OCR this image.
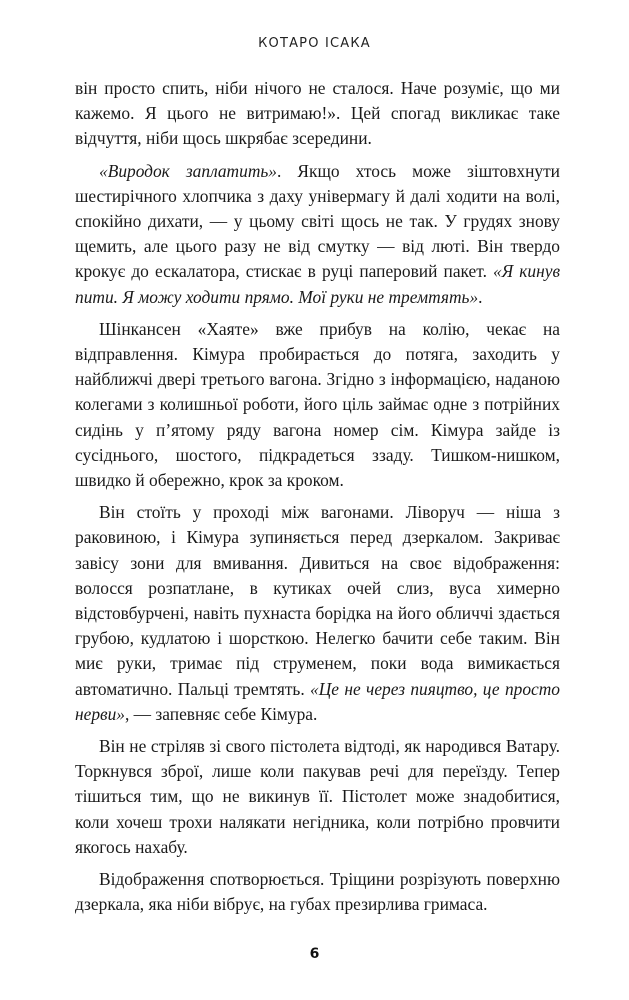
КОТАРО ІСАКА

він просто спить, ніби нічого не сталося. Наче розуміє, що ми кажемо. Я цього не витримаю!». Цей спогад викликає таке відчуття, ніби щось шкрябає зсередини.

«Виродок заплатить». Якщо хтось може зіштовхнути шестирічного хлопчика з даху універмагу й далі ходити на волі, спокійно дихати, — у цьому світі щось не так. У грудях знову щемить, але цього разу не від смутку — від люті. Він твердо крокує до ескалатора, стискає в руці паперовий пакет. «Я кинув пити. Я можу ходити прямо. Мої руки не тремтять».

Шінкансен «Хаяте» вже прибув на колію, чекає на відправлення. Кімура пробирається до потяга, заходить у найближчі двері третього вагона. Згідно з інформацією, наданою колегами з колишньої роботи, його ціль займає одне з потрійних сидінь у п’ятому ряду вагона номер сім. Кімура зайде із сусіднього, шостого, підкрадеться ззаду. Тишком-нишком, швидко й обережно, крок за кроком.

Він стоїть у проході між вагонами. Ліворуч — ніша з раковиною, і Кімура зупиняється перед дзеркалом. Закриває завісу зони для вмивання. Дивиться на своє відображення: волосся розпатлане, в кутиках очей слиз, вуса химерно відстовбурчені, навіть пухнаста борідка на його обличчі здається грубою, кудлатою і шорсткою. Нелегко бачити себе таким. Він миє руки, тримає під струменем, поки вода вимикається автоматично. Пальці тремтять. «Це не через пияцтво, це просто нерви», — запевняє себе Кімура.

Він не стріляв зі свого пістолета відтоді, як народився Ватару. Торкнувся зброї, лише коли пакував речі для переїзду. Тепер тішиться тим, що не викинув її. Пістолет може знадобитися, коли хочеш трохи налякати негідника, коли потрібно провчити якогось нахабу.

Відображення спотворюється. Тріщини розрізують поверхню дзеркала, яка ніби вібрує, на губах презирлива гримаса.

6
